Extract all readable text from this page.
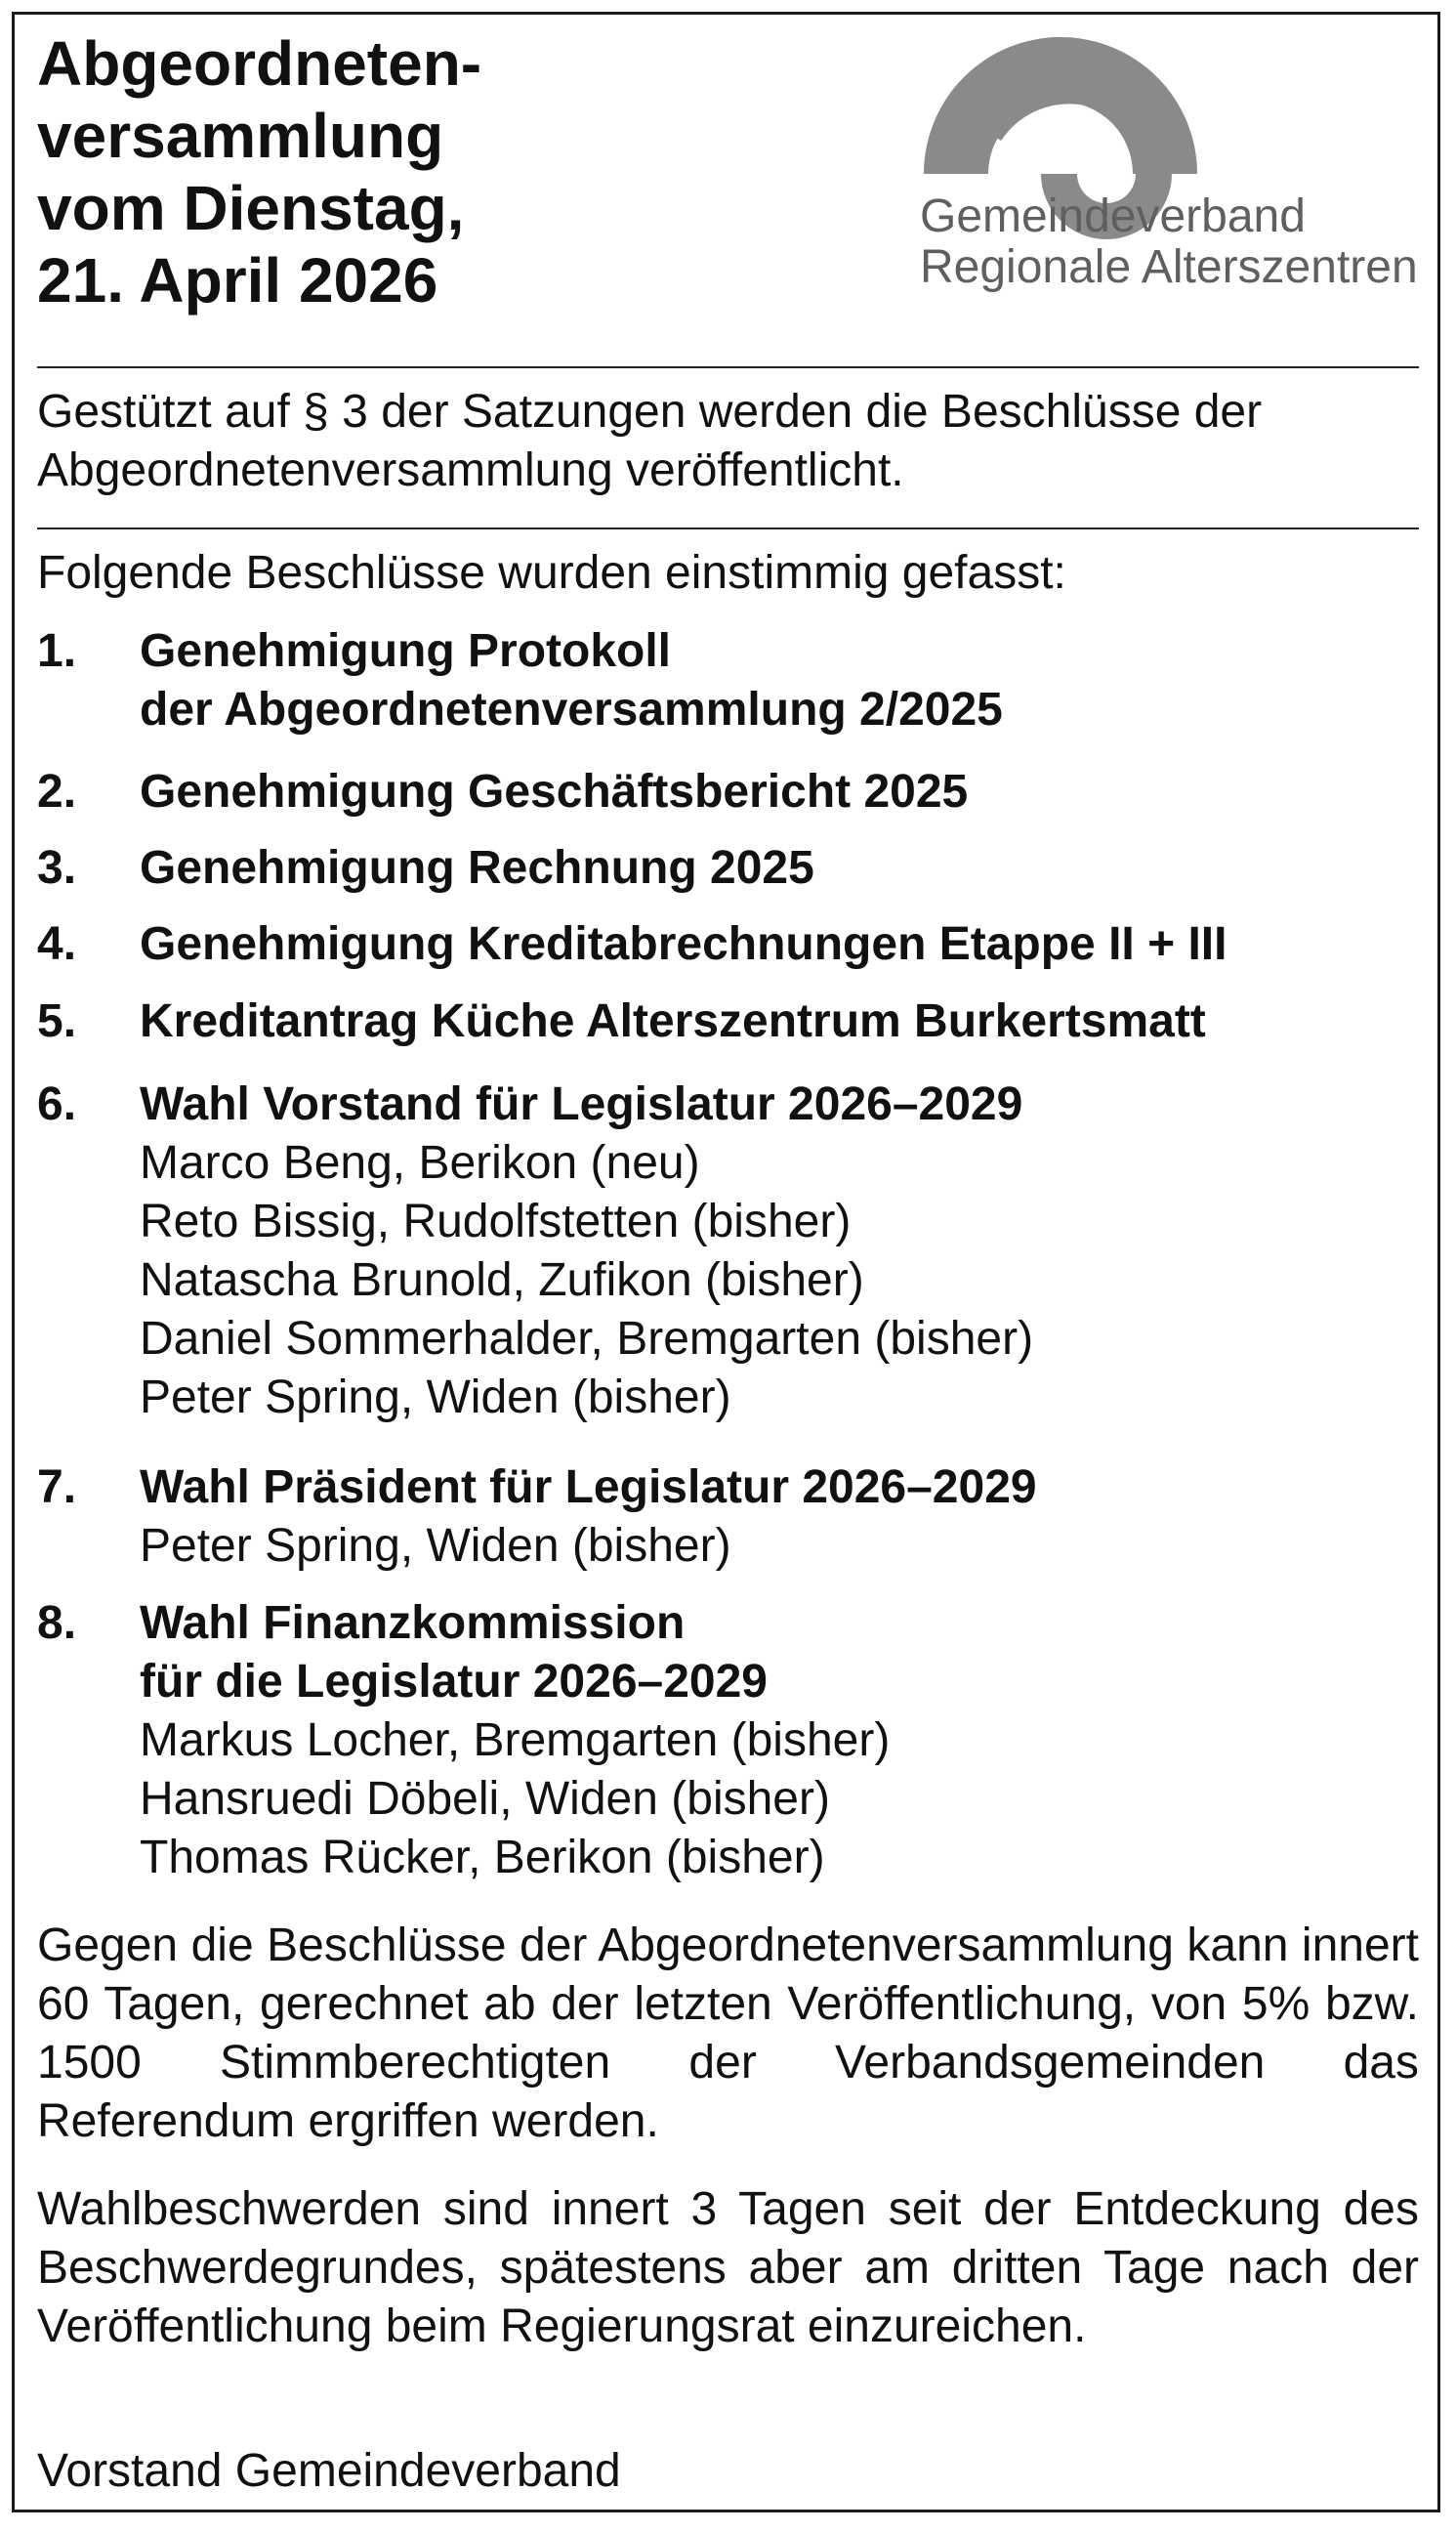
Abgeordneten-
versammlung
vom Dienstag,
21. April 2026
Gemeindeverband
Regionale Alterszentren

Gestützt auf § 3 der Satzungen werden die Beschlüsse der Abgeordnetenversammlung veröffentlicht.

Folgende Beschlüsse wurden einstimmig gefasst:

1. Genehmigung Protokoll
der Abgeordnetenversammlung 2/2025
2. Genehmigung Geschäftsbericht 2025
3. Genehmigung Rechnung 2025
4. Genehmigung Kreditabrechnungen Etappe II + III
5. Kreditantrag Küche Alterszentrum Burkertsmatt
6. Wahl Vorstand für Legislatur 2026–2029
Marco Beng, Berikon (neu)
Reto Bissig, Rudolfstetten (bisher)
Natascha Brunold, Zufikon (bisher)
Daniel Sommerhalder, Bremgarten (bisher)
Peter Spring, Widen (bisher)
7. Wahl Präsident für Legislatur 2026–2029
Peter Spring, Widen (bisher)
8. Wahl Finanzkommission
für die Legislatur 2026–2029
Markus Locher, Bremgarten (bisher)
Hansruedi Döbeli, Widen (bisher)
Thomas Rücker, Berikon (bisher)

Gegen die Beschlüsse der Abgeordnetenversammlung kann innert 60 Tagen, gerechnet ab der letzten Veröffentlichung, von 5% bzw. 1500 Stimmberechtigten der Verbandsgemeinden das Referendum ergriffen werden.

Wahlbeschwerden sind innert 3 Tagen seit der Entdeckung des Beschwerdegrundes, spätestens aber am dritten Tage nach der Veröffentlichung beim Regierungsrat einzureichen.

Vorstand Gemeindeverband
